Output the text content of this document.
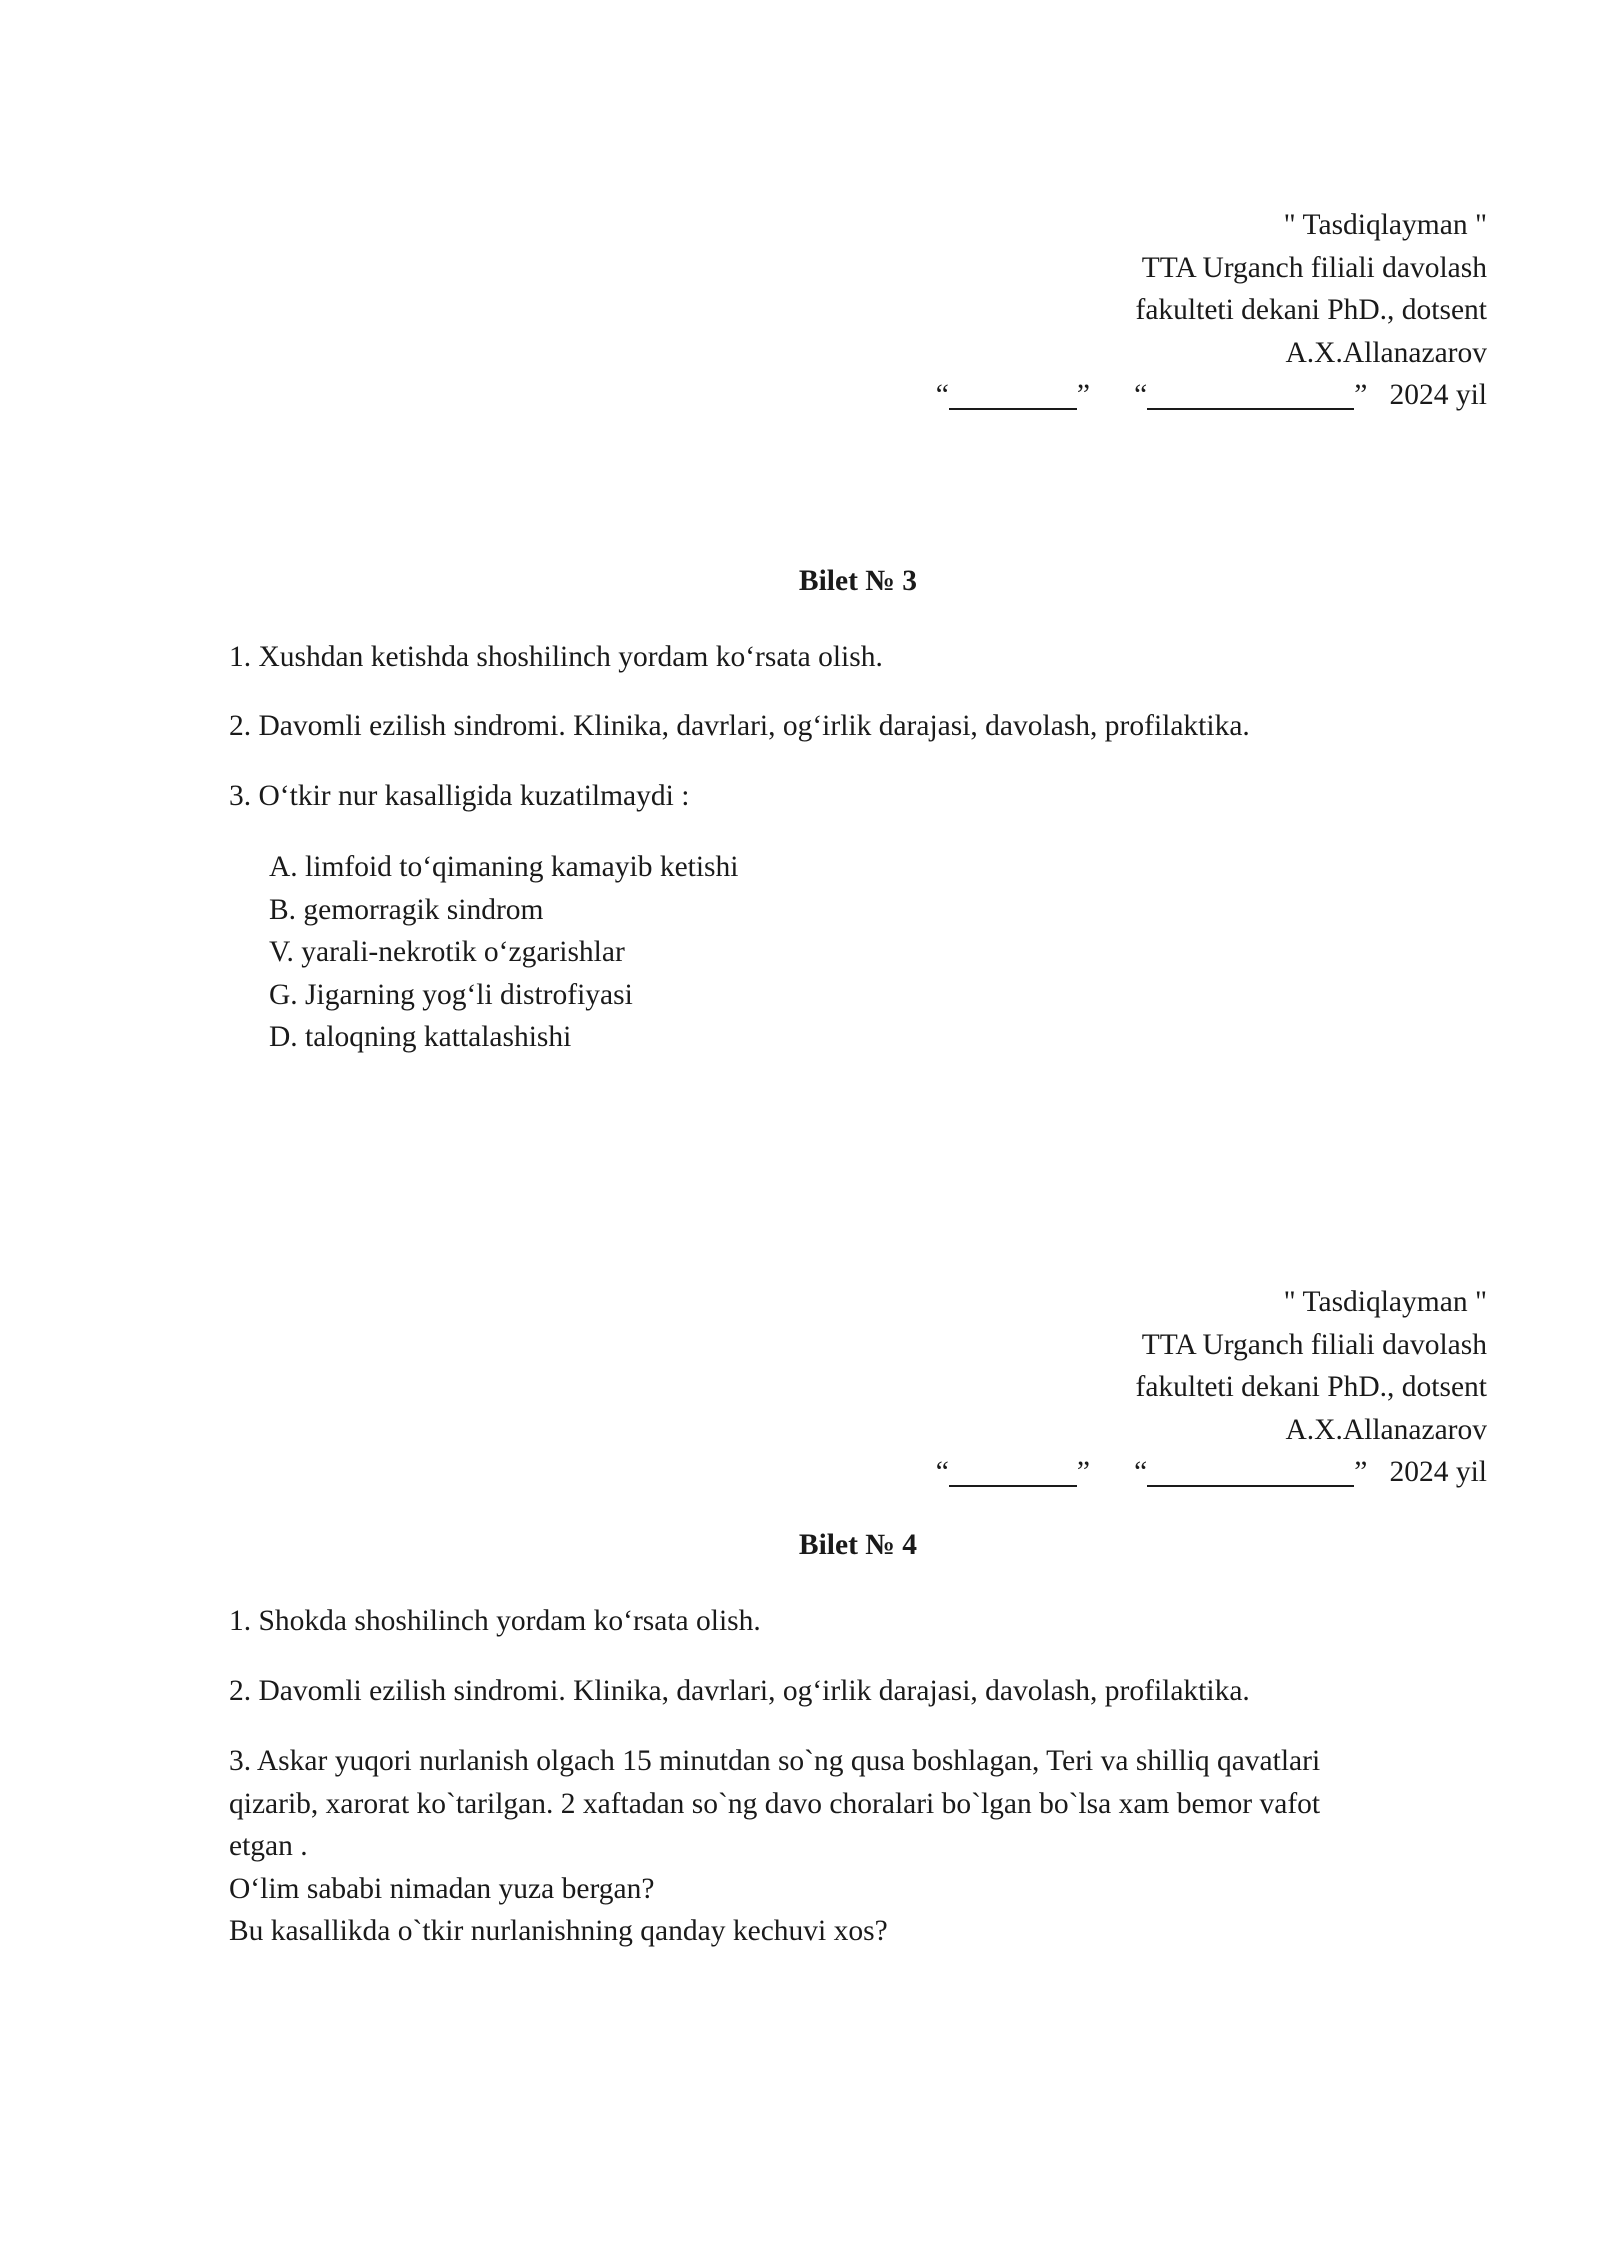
" Tasdiqlayman "
TTA Urganch filiali davolash
fakulteti dekani PhD., dotsent
A.X.Allanazarov
“	” “	” 2024 yil
Bilet № 3
1. Xushdan ketishda shoshilinch yordam ko‘rsata olish.
2. Davomli ezilish sindromi. Klinika, davrlari, og‘irlik darajasi, davolash, profilaktika.
3. O‘tkir nur kasalligida kuzatilmaydi :
A. limfoid to‘qimaning kamayib ketishi
B. gemorragik sindrom
V. yarali-nekrotik o‘zgarishlar
G. Jigarning yog‘li distrofiyasi
D. taloqning kattalashishi
" Tasdiqlayman "
TTA Urganch filiali davolash
fakulteti dekani PhD., dotsent
A.X.Allanazarov
“	” “	” 2024 yil
Bilet № 4
1. Shokda shoshilinch yordam ko‘rsata olish.
2. Davomli ezilish sindromi. Klinika, davrlari, og‘irlik darajasi, davolash, profilaktika.
3. Askar yuqori nurlanish olgach 15 minutdan so`ng qusa boshlagan, Teri va shilliq qavatlari
qizarib, xarorat ko`tarilgan. 2 xaftadan so`ng davo choralari bo`lgan bo`lsa xam bemor vafot
etgan .
O‘lim sababi nimadan yuza bergan?
Bu kasallikda o`tkir nurlanishning qanday kechuvi xos?
